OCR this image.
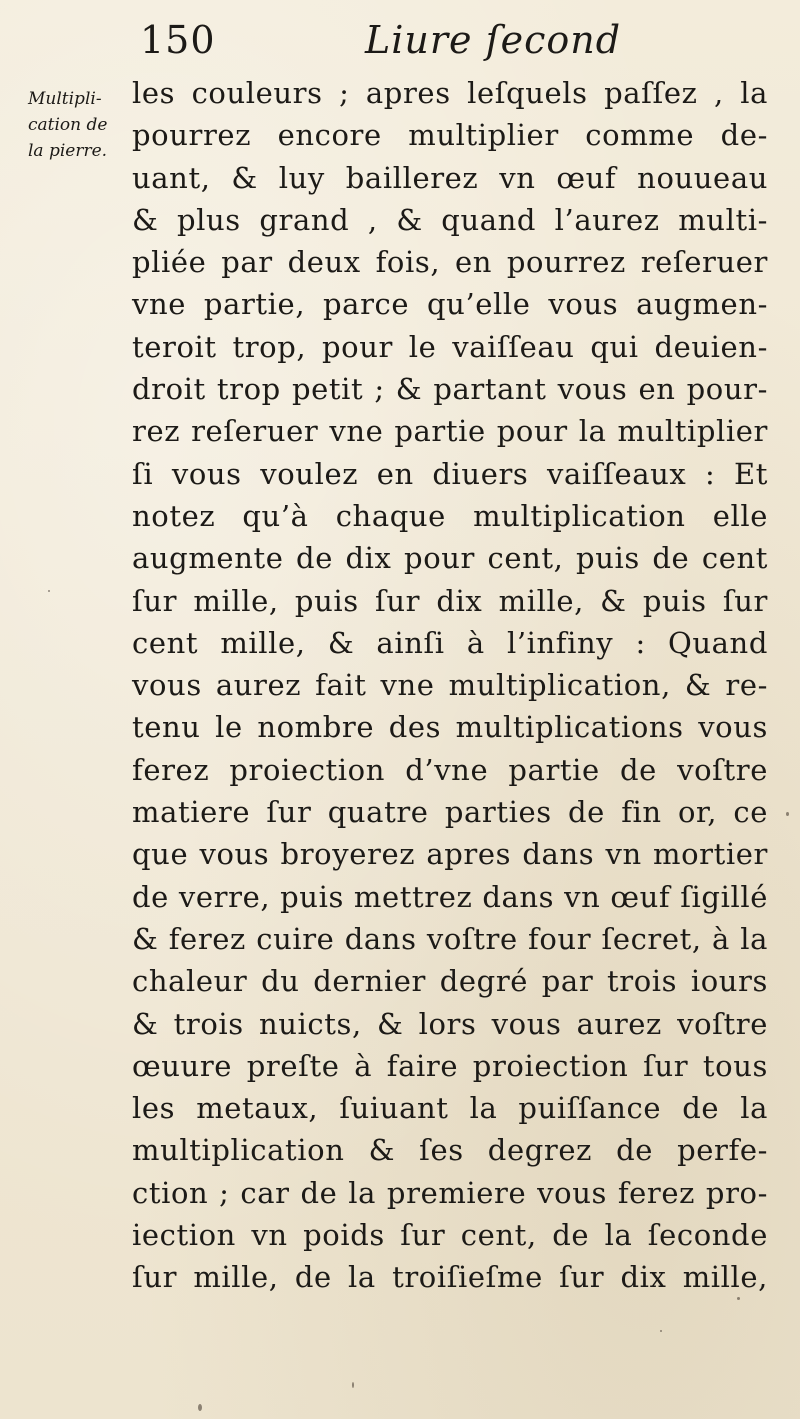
150	Liure ſecond
Multipli-
cation de
la pierre.
les couleurs ; apres leſquels paſſez , la
pourrez encore multiplier comme de-
uant, & luy baillerez vn œuf nouueau
& plus grand , & quand l’aurez multi-
pliée par deux fois, en pourrez reſeruer
vne partie, parce qu’elle vous augmen-
teroit trop, pour le vaiſſeau qui deuien-
droit trop petit ; & partant vous en pour-
rez reſeruer vne partie pour la multiplier
ſi vous voulez en diuers vaiſſeaux : Et
notez qu’à chaque multiplication elle
augmente de dix pour cent, puis de cent
ſur mille, puis ſur dix mille, & puis ſur
cent mille, & ainſi à l’infiny : Quand
vous aurez fait vne multiplication, & re-
tenu le nombre des multiplications vous
ferez proiection d’vne partie de voſtre
matiere ſur quatre parties de fin or, ce
que vous broyerez apres dans vn mortier
de verre, puis mettrez dans vn œuf ſigillé
& ferez cuire dans voſtre four ſecret, à la
chaleur du dernier degré par trois iours
& trois nuicts, & lors vous aurez voſtre
œuure preſte à faire proiection ſur tous
les metaux, ſuiuant la puiſſance de la
multiplication & ſes degrez de perfe-
ction ; car de la premiere vous ferez pro-
iection vn poids ſur cent, de la ſeconde
ſur mille, de la troiſieſme ſur dix mille,
